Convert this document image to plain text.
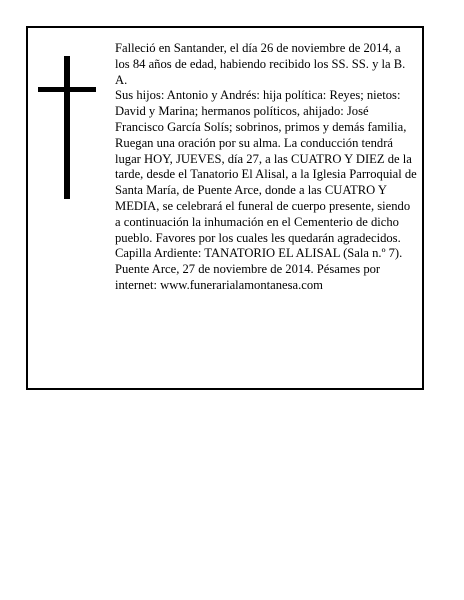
Falleció en Santander, el día 26 de noviembre de 2014, a los 84 años de edad, habiendo recibido los SS. SS. y la B. A.

Sus hijos: Antonio y Andrés: hija política: Reyes; nietos: David y Marina; hermanos políticos, ahijado: José Francisco García Solís; sobrinos, primos y demás familia,

Ruegan una oración por su alma. La conducción tendrá lugar HOY, JUEVES, día 27, a las CUATRO Y DIEZ de la tarde, desde el Tanatorio El Alisal, a la Iglesia Parroquial de Santa María, de Puente Arce, donde a las CUATRO Y MEDIA, se celebrará el funeral de cuerpo presente, siendo a continuación la inhumación en el Cementerio de dicho pueblo. Favores por los cuales les quedarán agradecidos. Capilla Ardiente: TANATORIO EL ALISAL (Sala n.º 7).

Puente Arce, 27 de noviembre de 2014. Pésames por internet: www.funerarialamontanesa.com
